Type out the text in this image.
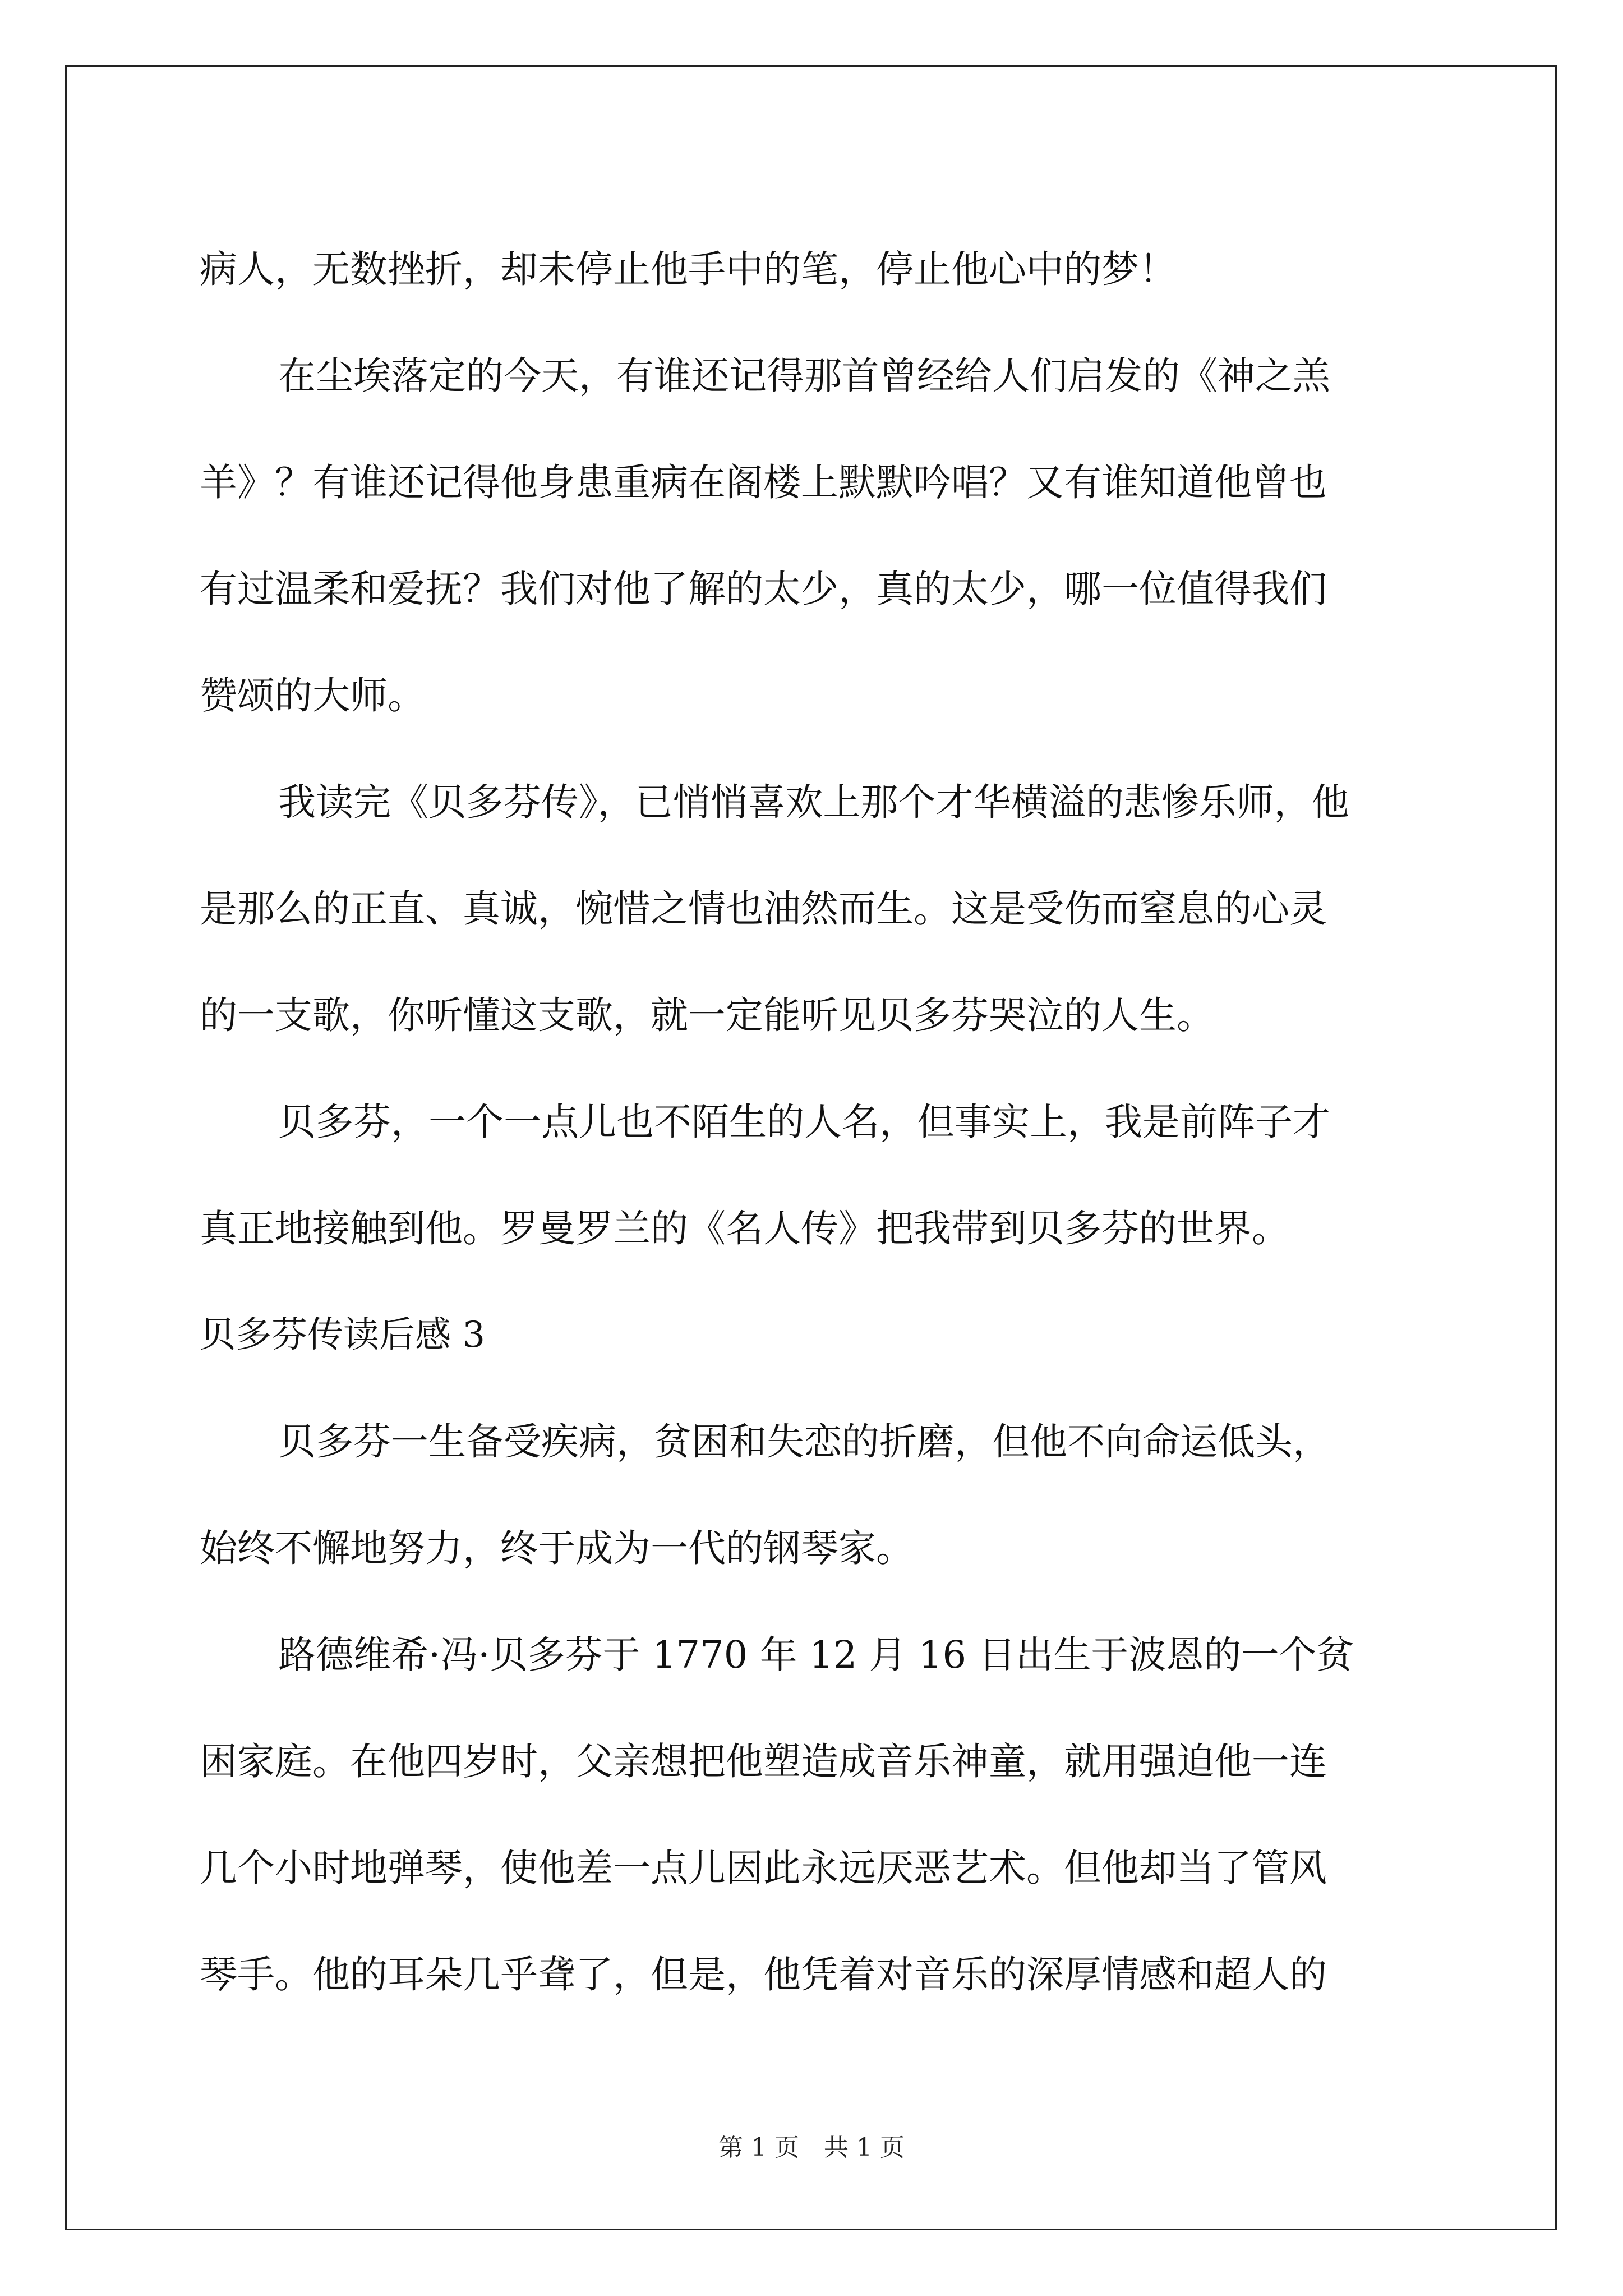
病人，无数挫折，却未停止他手中的笔，停止他心中的梦！
在尘埃落定的今天，有谁还记得那首曾经给人们启发的《神之羔
羊》？有谁还记得他身患重病在阁楼上默默吟唱？又有谁知道他曾也
有过温柔和爱抚？我们对他了解的太少，真的太少，哪一位值得我们
赞颂的大师。
我读完《贝多芬传》，已悄悄喜欢上那个才华横溢的悲惨乐师，他
是那么的正直、真诚，惋惜之情也油然而生。这是受伤而窒息的心灵
的一支歌，你听懂这支歌，就一定能听见贝多芬哭泣的人生。
贝多芬，一个一点儿也不陌生的人名，但事实上，我是前阵子才
真正地接触到他。罗曼罗兰的《名人传》把我带到贝多芬的世界。
贝多芬传读后感 3
贝多芬一生备受疾病，贫困和失恋的折磨，但他不向命运低头，
始终不懈地努力，终于成为一代的钢琴家。
路德维希·冯·贝多芬于 1770 年 12 月 16 日出生于波恩的一个贫
困家庭。在他四岁时，父亲想把他塑造成音乐神童，就用强迫他一连
几个小时地弹琴，使他差一点儿因此永远厌恶艺术。但他却当了管风
琴手。他的耳朵几乎聋了，但是，他凭着对音乐的深厚情感和超人的
第 1 页　共 1 页
